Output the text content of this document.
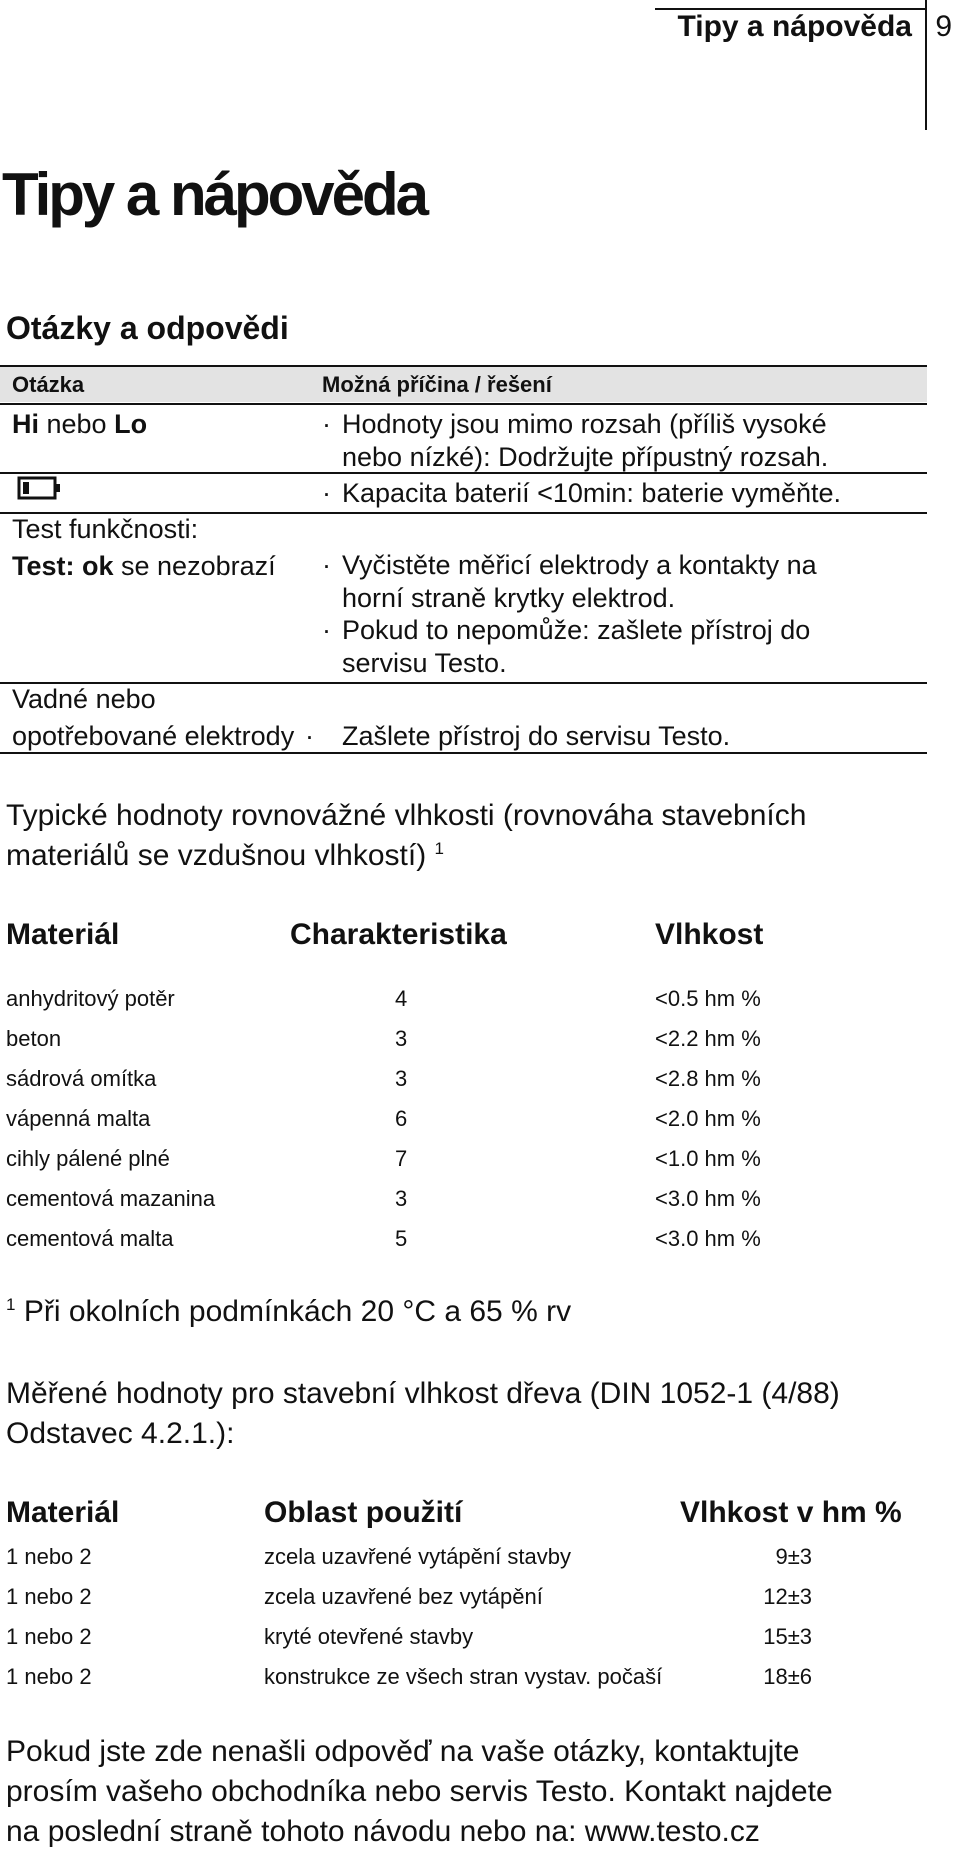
Tipy a nápověda 9
Tipy a nápověda
Otázky a odpovědi
Otázka	Možná příčina / řešení
Hi nebo Lo	· Hodnoty jsou mimo rozsah (příliš vysoké
nebo nízké): Dodržujte přípustný rozsah.
· Kapacita baterií <10min: baterie vyměňte.
Test funkčnosti:
Test: ok se nezobrazí · Vyčistěte měřicí elektrody a kontakty na
horní straně krytky elektrod.
· Pokud to nepomůže: zašlete přístroj do
servisu Testo.
Vadné nebo
opotřebované elektrody · Zašlete přístroj do servisu Testo.
Typické hodnoty rovnovážné vlhkosti (rovnováha stavebních
materiálů se vzdušnou vlhkostí) $^1$
Materiál	Charakteristika	Vlhkost
anhydritový potěr	4	<0.5 hm %
beton	3	<2.2 hm %
sádrová omítka	3	<2.8 hm %
vápenná malta	6	<2.0 hm %
cihly pálené plné	7	<1.0 hm %
cementová mazanina	3	<3.0 hm %
cementová malta	5	<3.0 hm %
$^1$ Při okolních podmínkách 20 °C a 65 % rv
Měřené hodnoty pro stavební vlhkost dřeva (DIN 1052-1 (4/88)
Odstavec 4.2.1.):
Materiál	Oblast použití	Vlhkost v hm %
1 nebo 2	zcela uzavřené vytápění stavby	9±3
1 nebo 2	zcela uzavřené bez vytápění	12±3
1 nebo 2	kryté otevřené stavby	15±3
1 nebo 2	konstrukce ze všech stran vystav. počaší	18±6
Pokud jste zde nenašli odpověď na vaše otázky, kontaktujte
prosím vašeho obchodníka nebo servis Testo. Kontakt najdete
na poslední straně tohoto návodu nebo na: www.testo.cz
